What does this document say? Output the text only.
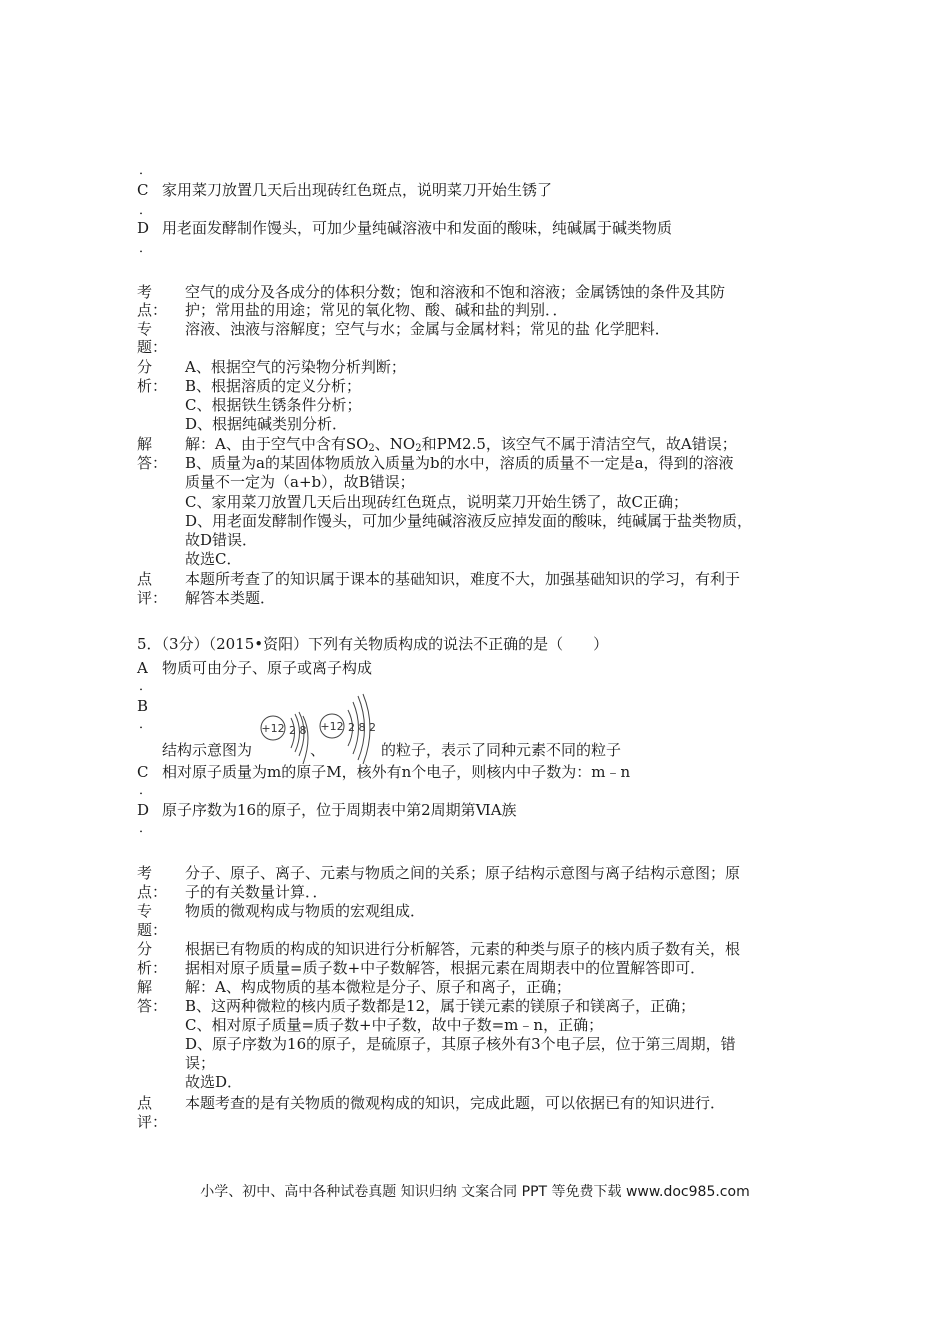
．
C 家用菜刀放置几天后出现砖红色斑点，说明菜刀开始生锈了
．
D 用老面发酵制作馒头，可加少量纯碱溶液中和发面的酸味，纯碱属于碱类物质
．
考
点：
空气的成分及各成分的体积分数；饱和溶液和不饱和溶液；金属锈蚀的条件及其防
护；常用盐的用途；常见的氧化物、酸、碱和盐的判别．．
专
题：
溶液、浊液与溶解度；空气与水；金属与金属材料；常见的盐 化学肥料．
分
析：
A、根据空气的污染物分析判断；
B、根据溶质的定义分析；
C、根据铁生锈条件分析；
D、根据纯碱类别分析．
解
答：
解：A、由于空气中含有$SO_2$、$NO_2$和PM2.5，该空气不属于清洁空气，故A错误；
B、质量为a的某固体物质放入质量为b的水中，溶质的质量不一定是a，得到的溶液
质量不一定为（a+b），故B错误；
C、家用菜刀放置几天后出现砖红色斑点，说明菜刀开始生锈了，故C正确；
D、用老面发酵制作馒头，可加少量纯碱溶液反应掉发面的酸味，纯碱属于盐类物质，
故D错误．
故选C．
点
评：
本题所考查了的知识属于课本的基础知识，难度不大，加强基础知识的学习，有利于
解答本类题．
5．（3分）（2015•资阳）下列有关物质构成的说法不正确的是（　　）
A 物质可由分子、原子或离子构成
．
B
．	+12 2 8 +12 2 8 2
结构示意图为	、	的粒子，表示了同种元素不同的粒子
C 相对原子质量为m的原子M，核外有n个电子，则核内中子数为：m﹣n
．
D 原子序数为16的原子，位于周期表中第2周期第ⅥA族
．
考
点：
分子、原子、离子、元素与物质之间的关系；原子结构示意图与离子结构示意图；原
子的有关数量计算．．
专
题：
物质的微观构成与物质的宏观组成．
分
析：
根据已有物质的构成的知识进行分析解答，元素的种类与原子的核内质子数有关，根
据相对原子质量=质子数+中子数解答，根据元素在周期表中的位置解答即可．
解
答：
解：A、构成物质的基本微粒是分子、原子和离子，正确；
B、这两种微粒的核内质子数都是12，属于镁元素的镁原子和镁离子，正确；
C、相对原子质量=质子数+中子数，故中子数=m﹣n，正确；
D、原子序数为16的原子，是硫原子，其原子核外有3个电子层，位于第三周期，错
误；
故选D．
点
评：
本题考查的是有关物质的微观构成的知识，完成此题，可以依据已有的知识进行．
小学、初中、高中各种试卷真题 知识归纳 文案合同 PPT 等免费下载 www.doc985.com
